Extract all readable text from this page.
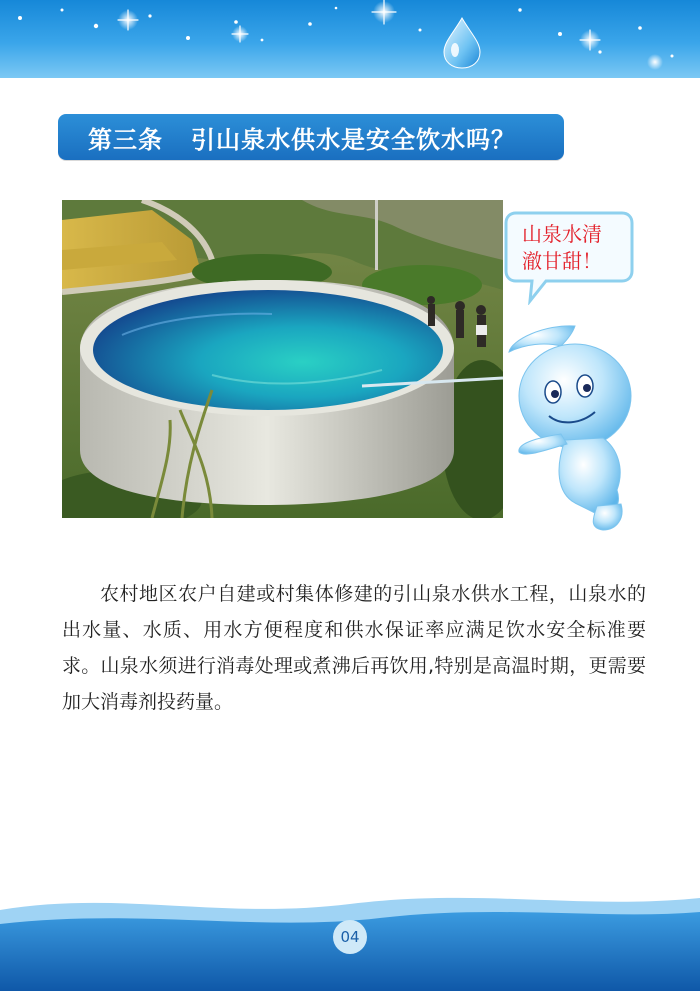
第三条 引山泉水供水是安全饮水吗？
山泉水清
澈甘甜！
农村地区农户自建或村集体修建的引山泉水供水工程，山泉水的出水量、水质、用水方便程度和供水保证率应满足饮水安全标准要求。山泉水须进行消毒处理或煮沸后再饮用,特别是高温时期，更需要加大消毒剂投药量。
04
